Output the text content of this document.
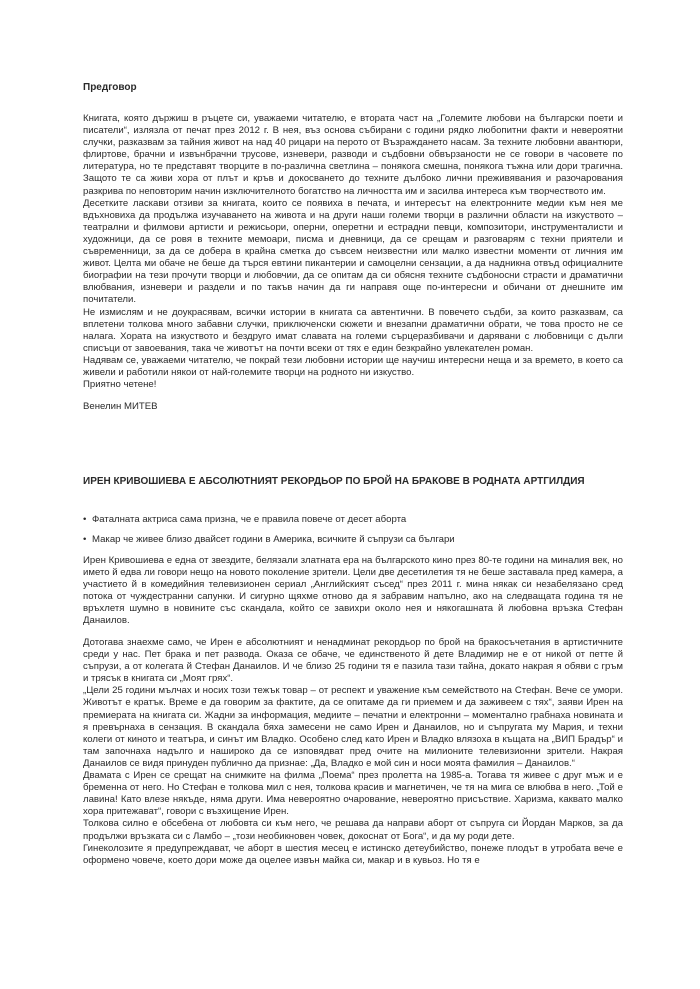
Предговор

Книгата, която държиш в ръцете си, уважаеми читателю, е втората част на „Големите любови на български поети и писатели“, излязла от печат през 2012 г. В нея, въз основа събирани с години рядко любопитни факти и невероятни случки, разказвам за тайния живот на над 40 рицари на перото от Възраждането насам. За техните любовни авантюри, флиртове, брачни и извънбрачни трусове, изневери, разводи и съдбовни обвързаности не се говори в часовете по литература, но те представят творците в по-различна светлина – понякога смешна, понякога тъжна или дори трагична. Защото те са живи хора от плът и кръв и докосването до техните дълбоко лични преживявания и разочарования разкрива по неповторим начин изключителното богатство на личността им и засилва интереса към творчеството им.

Десетките ласкави отзиви за книгата, които се появиха в печата, и интересът на електронните медии към нея ме вдъхновиха да продължа изучаването на живота и на други наши големи творци в различни области на изкуството – театрални и филмови артисти и режисьори, оперни, оперетни и естрадни певци, композитори, инструменталисти и художници, да се ровя в техните мемоари, писма и дневници, да се срещам и разговарям с техни приятели и съвременници, за да се добера в крайна сметка до съвсем неизвестни или малко известни моменти от личния им живот. Целта ми обаче не беше да търся евтини пикантерии и самоцелни сензации, а да надникна отвъд официалните биографии на тези прочути творци и любовчии, да се опитам да си обясня техните съдбоносни страсти и драматични влюбвания, изневери и раздели и по такъв начин да ги направя още по-интересни и обичани от днешните им почитатели.

Не измислям и не доукрасявам, всички истории в книгата са автентични. В повечето съдби, за които разказвам, са вплетени толкова много забавни случки, приключенски сюжети и внезапни драматични обрати, че това просто не се налага. Хората на изкуството и бездруго имат славата на големи сърцеразбивачи и дарявани с любовници с дълги списъци от завоевания, така че животът на почти всеки от тях е един безкрайно увлекателен роман.

Надявам се, уважаеми читателю, че покрай тези любовни истории ще научиш интересни неща и за времето, в което са живели и работили някои от най-големите творци на родното ни изкуство.

Приятно четене!

Венелин МИТЕВ
ИРЕН КРИВОШИЕВА Е АБСОЛЮТНИЯТ РЕКОРДЬОР ПО БРОЙ НА БРАКОВЕ В РОДНАТА АРТГИЛДИЯ
• Фаталната актриса сама призна, че е правила повече от десет аборта
• Макар че живее близо двайсет години в Америка, всичките й съпрузи са българи

Ирен Кривошиева е една от звездите, белязали златната ера на българското кино през 80-те години на миналия век, но името й едва ли говори нещо на новото поколение зрители. Цели две десетилетия тя не беше заставала пред камера, а участието й в комедийния телевизионен сериал „Английският съсед“ през 2011 г. мина някак си незабелязано сред потока от чуждестранни сапунки. И сигурно щяхме отново да я забравим напълно, ако на следващата година тя не връхлетя шумно в новините със скандала, който се завихри около нея и някогашната й любовна връзка Стефан Данаилов.

Дотогава знаехме само, че Ирен е абсолютният и ненадминат рекордьор по брой на бракосъчетания в артистичните среди у нас. Пет брака и пет развода. Оказа се обаче, че единственото й дете Владимир не е от никой от петте й съпрузи, а от колегата й Стефан Данаилов. И че близо 25 години тя е пазила тази тайна, докато накрая я обяви с гръм и трясък в книгата си „Моят грях“.

„Цели 25 години мълчах и носих този тежък товар – от респект и уважение към семейството на Стефан. Вече се умори. Животът е кратък. Време е да говорим за фактите, да се опитаме да ги приемем и да заживеем с тях“, заяви Ирен на премиерата на книгата си. Жадни за информация, медиите – печатни и електронни – моментално грабнаха новината и я превърнаха в сензация. В скандала бяха замесени не само Ирен и Данаилов, но и съпругата му Мария, и техни колеги от киното и театъра, и синът им Владко. Особено след като Ирен и Владко влязоха в къщата на „ВИП Брадър“ и там започнаха надълго и нашироко да се изповядват пред очите на милионите телевизионни зрители. Накрая Данаилов се видя принуден публично да признае: „Да, Владко е мой син и носи моята фамилия – Данаилов.“

Двамата с Ирен се срещат на снимките на филма „Поема“ през пролетта на 1985-а. Тогава тя живее с друг мъж и е бременна от него. Но Стефан е толкова мил с нея, толкова красив и магнетичен, че тя на мига се влюбва в него. „Той е лавина! Като влезе някъде, няма други. Има невероятно очарование, невероятно присъствие. Харизма, каквато малко хора притежават“, говори с възхищение Ирен.

Толкова силно е обсебена от любовта си към него, че решава да направи аборт от съпруга си Йордан Марков, за да продължи връзката си с Ламбо – „този необикновен човек, докоснат от Бога“, и да му роди дете.

Гинеколозите я предупреждават, че аборт в шестия месец е истинско детеубийство, понеже плодът в утробата вече е оформено човече, което дори може да оцелее извън майка си, макар и в кувьоз. Но тя е
